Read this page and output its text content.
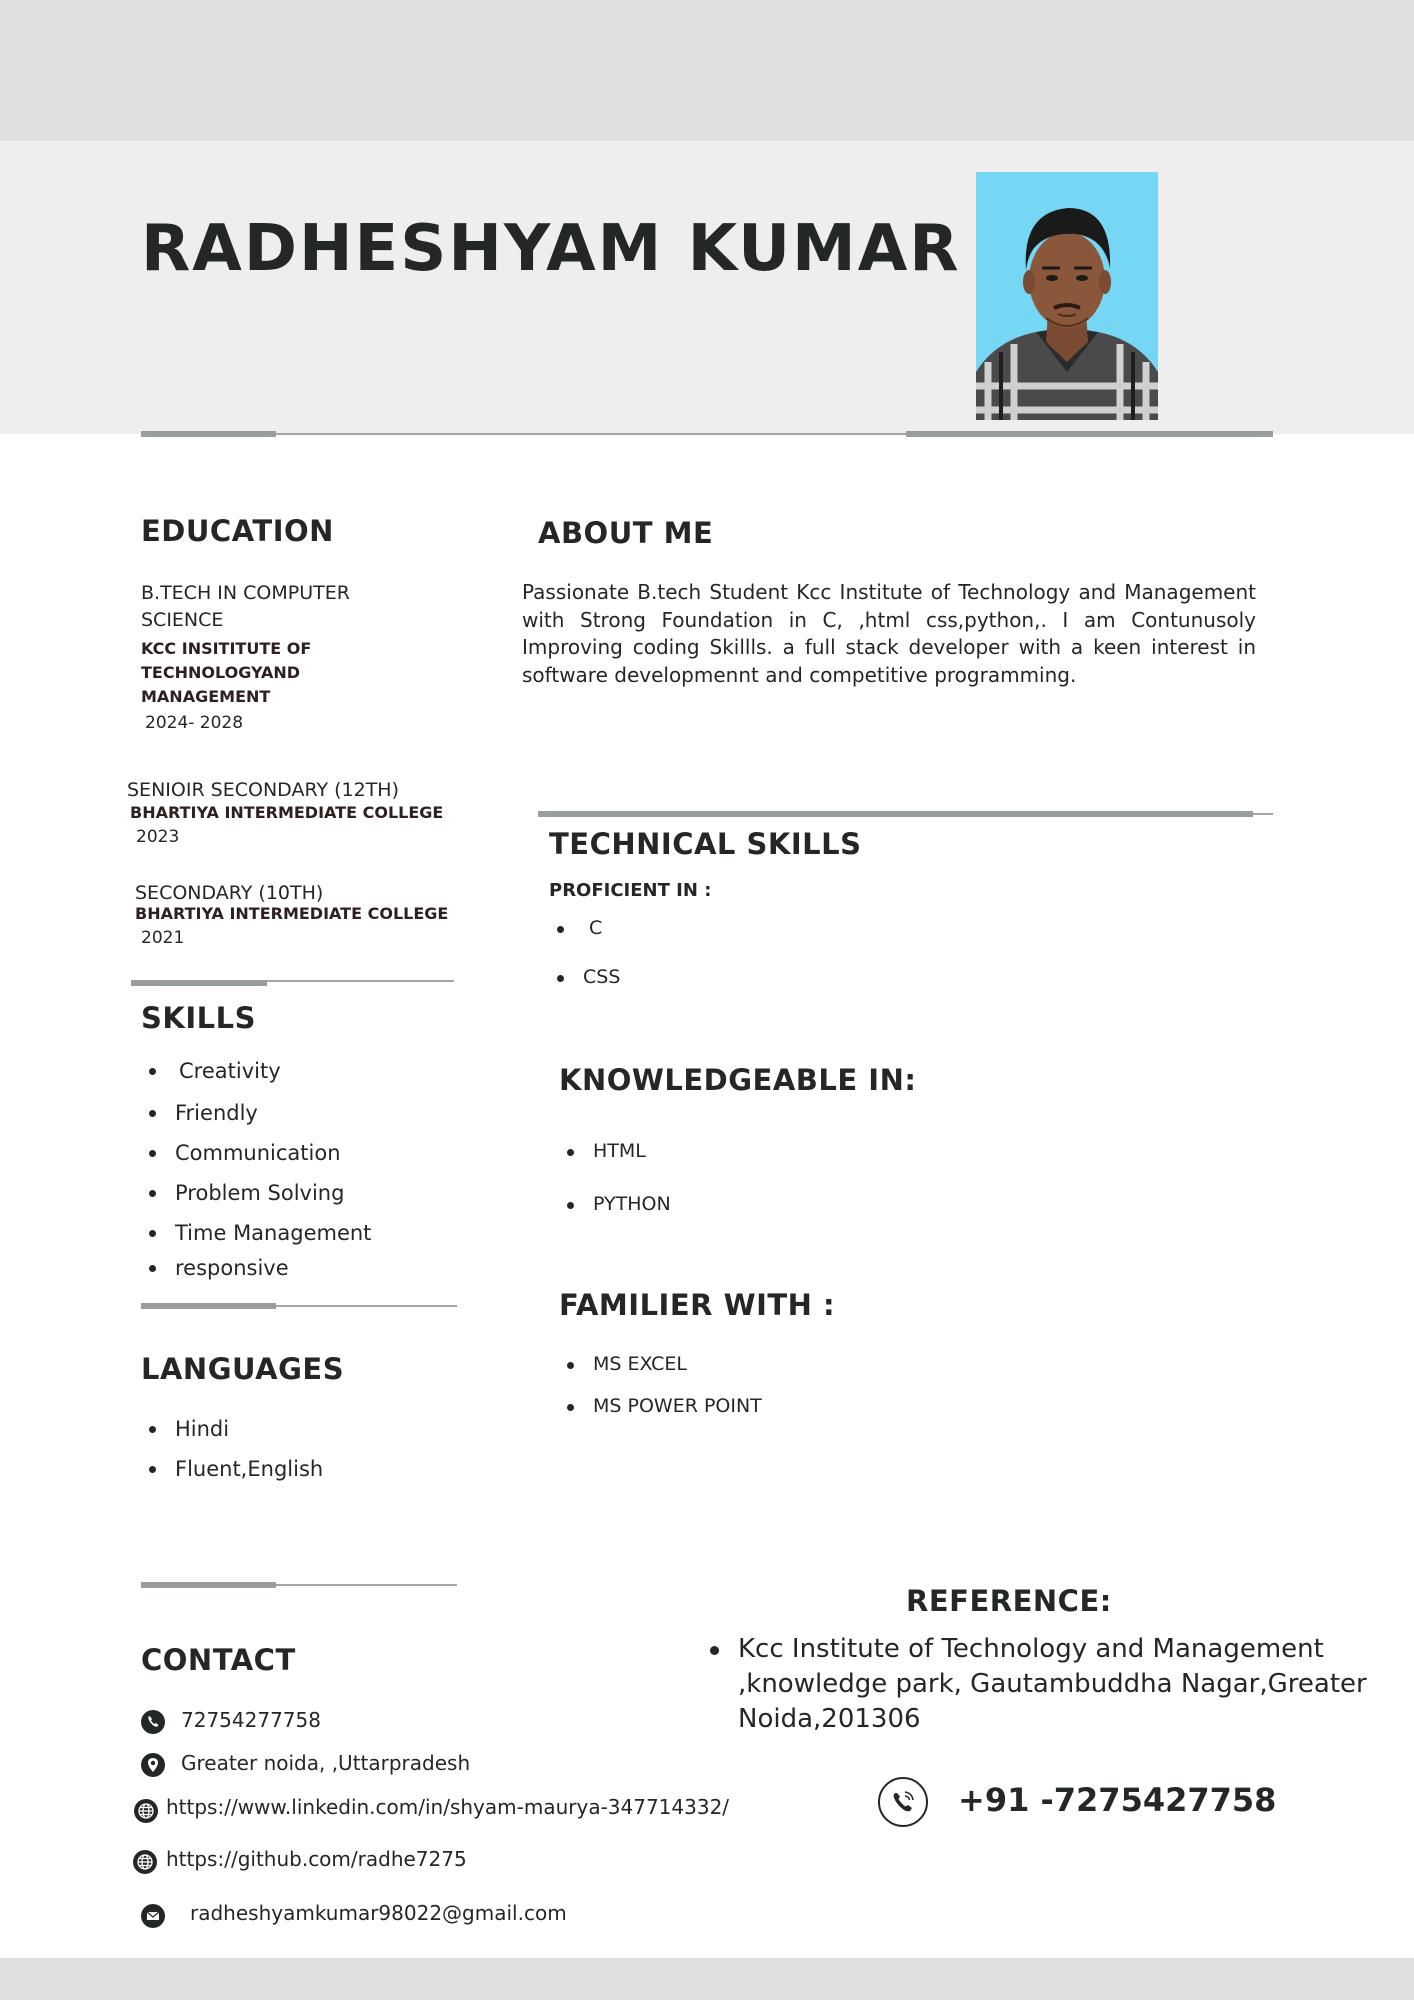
RADHESHYAM KUMAR
EDUCATION
B.TECH IN COMPUTER
SCIENCE
KCC INSITITUTE OF
TECHNOLOGYAND
MANAGEMENT
2024- 2028
SENIOIR SECONDARY (12TH)
BHARTIYA INTERMEDIATE COLLEGE
2023
SECONDARY (10TH)
BHARTIYA INTERMEDIATE COLLEGE
2021
SKILLS
Creativity
Friendly
Communication
Problem Solving
Time Management
responsive
LANGUAGES
Hindi
Fluent,English
CONTACT
72754277758
Greater noida, ,Uttarpradesh
https://www.linkedin.com/in/shyam-maurya-347714332/
https://github.com/radhe7275
radheshyamkumar98022@gmail.com
ABOUT ME
Passionate B.tech Student Kcc Institute of Technology and Management with Strong Foundation in C, ,html css,python,. I am Contunusoly Improving coding Skillls. a full stack developer with a keen interest in software developmennt and competitive programming.
TECHNICAL SKILLS
PROFICIENT IN :
C
CSS
KNOWLEDGEABLE IN:
HTML
PYTHON
FAMILIER WITH :
MS EXCEL
MS POWER POINT
REFERENCE:
Kcc Institute of Technology and Management
,knowledge park, Gautambuddha Nagar,Greater
Noida,201306
+91 -7275427758
